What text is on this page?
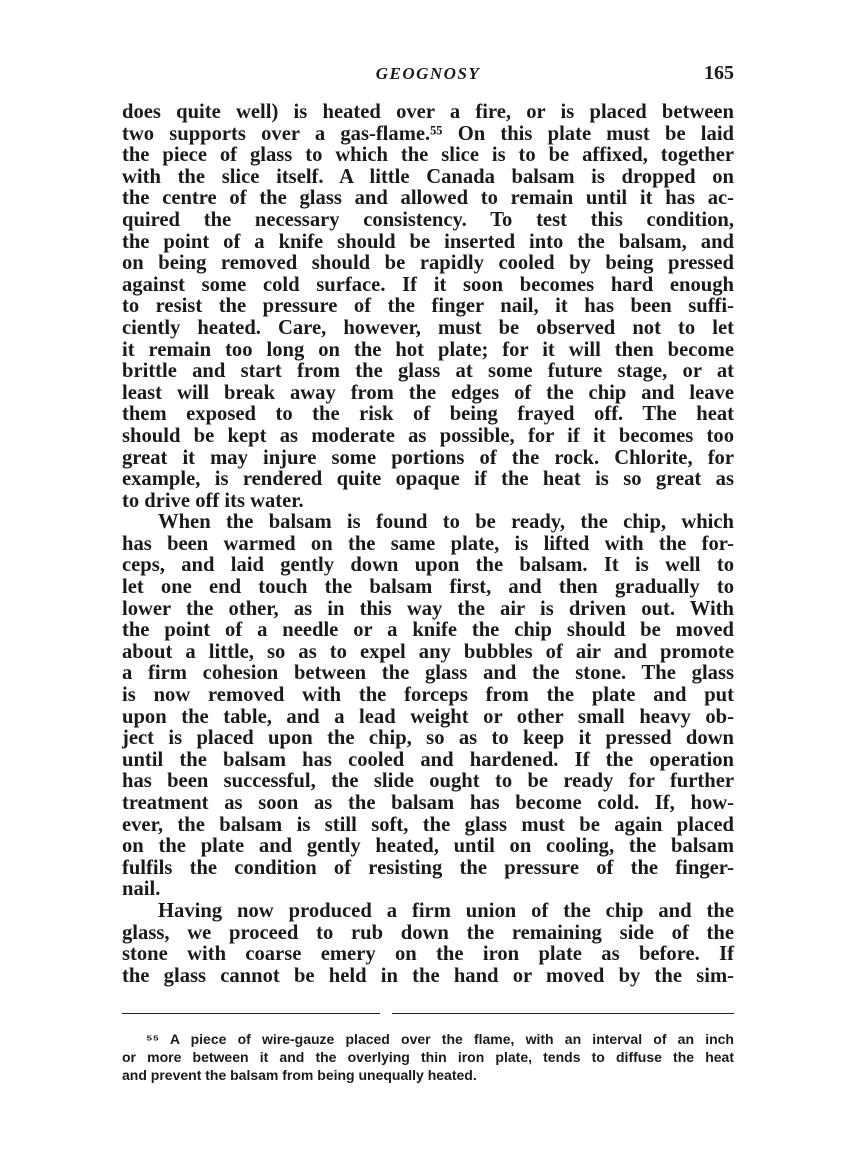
GEOGNOSY	165
does quite well) is heated over a fire, or is placed between
two supports over a gas-flame.⁵⁵ On this plate must be laid
the piece of glass to which the slice is to be affixed, together
with the slice itself. A little Canada balsam is dropped on
the centre of the glass and allowed to remain until it has ac-
quired the necessary consistency. To test this condition,
the point of a knife should be inserted into the balsam, and
on being removed should be rapidly cooled by being pressed
against some cold surface. If it soon becomes hard enough
to resist the pressure of the finger nail, it has been suffi-
ciently heated. Care, however, must be observed not to let
it remain too long on the hot plate; for it will then become
brittle and start from the glass at some future stage, or at
least will break away from the edges of the chip and leave
them exposed to the risk of being frayed off. The heat
should be kept as moderate as possible, for if it becomes too
great it may injure some portions of the rock. Chlorite, for
example, is rendered quite opaque if the heat is so great as
to drive off its water.
When the balsam is found to be ready, the chip, which
has been warmed on the same plate, is lifted with the for-
ceps, and laid gently down upon the balsam. It is well to
let one end touch the balsam first, and then gradually to
lower the other, as in this way the air is driven out. With
the point of a needle or a knife the chip should be moved
about a little, so as to expel any bubbles of air and promote
a firm cohesion between the glass and the stone. The glass
is now removed with the forceps from the plate and put
upon the table, and a lead weight or other small heavy ob-
ject is placed upon the chip, so as to keep it pressed down
until the balsam has cooled and hardened. If the operation
has been successful, the slide ought to be ready for further
treatment as soon as the balsam has become cold. If, how-
ever, the balsam is still soft, the glass must be again placed
on the plate and gently heated, until on cooling, the balsam
fulfils the condition of resisting the pressure of the finger-
nail.
Having now produced a firm union of the chip and the
glass, we proceed to rub down the remaining side of the
stone with coarse emery on the iron plate as before. If
the glass cannot be held in the hand or moved by the sim-
⁵⁵ A piece of wire-gauze placed over the flame, with an interval of an inch
or more between it and the overlying thin iron plate, tends to diffuse the heat
and prevent the balsam from being unequally heated.
